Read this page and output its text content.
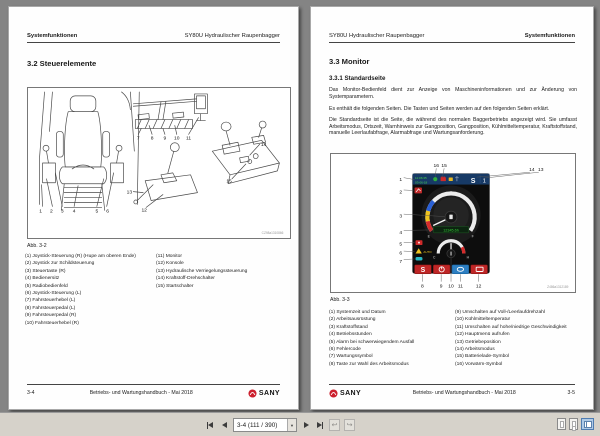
Systemfunktionen	SY80U Hydraulischer Raupenbagger
3.2 Steuerelemente
1 2 3 4	5 6
7 8 9 10 11
12
13
14
15
CZ98a1310866
Abb. 3-2
(1) Joystick-Steuerung (R) (Hupe am oberen Ende)
(2) Joystick zur Schildsteuerung
(3) Steuertaste (R)
(4) Bedienersitz
(5) Radiobedienfeld
(6) Joystick-Steuerung (L)
(7) Fahrsteuerhebel (L)
(8) Fahrsteuerpedal (L)
(9) Fahrsteuerpedal (R)
(10) Fahrsteuerhebel (R)
(11) Monitor
(12) Konsole
(13) Hydraulische Verriegelungssteuerung
(14) Kraftstoff-Drehschalter
(15) Startschalter
3-4	Betriebs- und Wartungshandbuch - Mai 2018	SANY
SY80U Hydraulischer Raupenbagger	Systemfunktionen
3.3 Monitor
3.3.1 Standardseite
Das Monitor-Bedienfeld dient zur Anzeige von Maschineninformationen und zur Änderung von Systemparametern.
Es enthält die folgenden Seiten. Die Tasten und Seiten werden auf den folgenden Seiten erklärt.
Die Standardseite ist die Seite, die während des normalen Baggerbetriebs angezeigt wird. Sie umfasst Arbeitsmodus, Ortszeit, Warnhinweis zur Gangposition, Gangposition, Kühlmitteltemperatur, Kraftstoffstand, manuelle Leerlaufabfrage, Alarmabfrage und Wartungsanforderung.
11:06:35
03-06-18	S 1
E	F
12345.6h
AUTO
C	H
S
1
2
3
4
5
6
7
8	9 10 11	12
13
14
15
16
Z486a1312189
Abb. 3-3
(1) Systemzeit und Datum
(2) Arbeitsausrüstung
(3) Kraftstoffstand
(4) Betriebsstunden
(5) Alarm bei schwerwiegendem Ausfall
(6) Fehlercode
(7) Wartungssymbol
(8) Taste zur Wahl des Arbeitsmodus
(9) Umschalten auf Voll-/Leerlaufdrehzahl
(10) Kühlmitteltemperatur
(11) Umschalten auf hohe/niedrige Geschwindigkeit
(12) Hauptmenü aufrufen
(13) Getriebeposition
(14) Arbeitsmodus
(15) Batterielade-Symbol
(16) Vorwärm-Symbol
SANY	Betriebs- und Wartungshandbuch - Mai 2018	3-5
3-4 (111 / 390)	▼	↩ ↪
